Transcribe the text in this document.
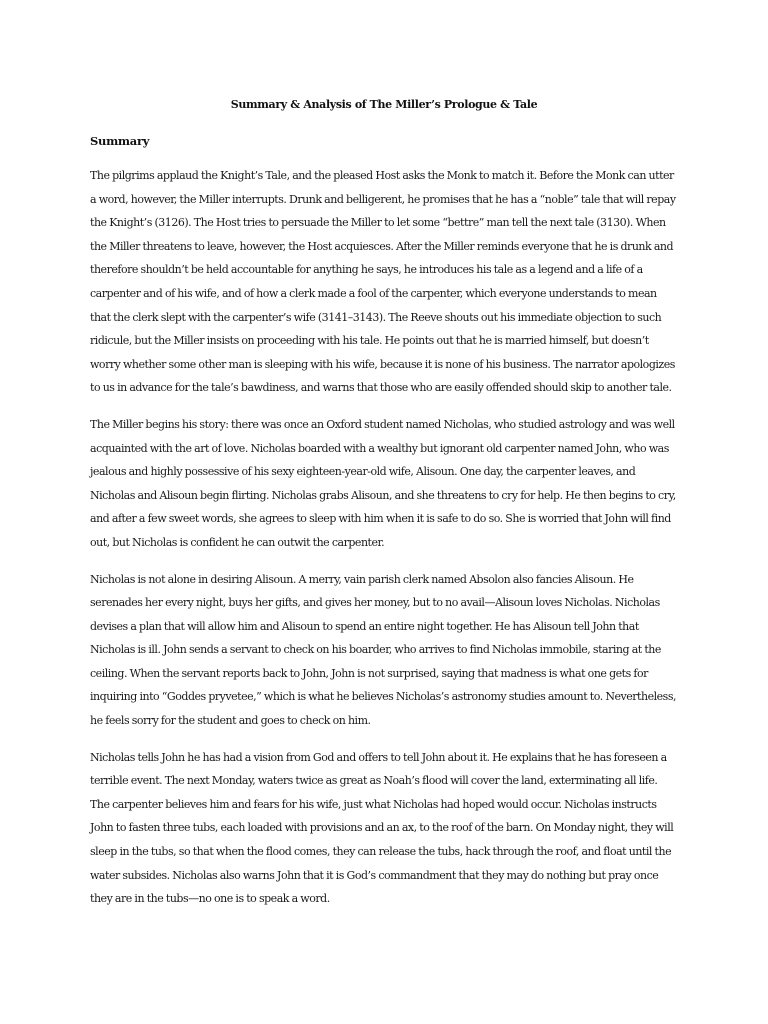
Summary & Analysis of The Miller’s Prologue & Tale
Summary

The pilgrims applaud the Knight’s Tale, and the pleased Host asks the Monk to match it. Before the Monk can utter a word, however, the Miller interrupts. Drunk and belligerent, he promises that he has a “noble” tale that will repay the Knight’s (3126). The Host tries to persuade the Miller to let some “bettre” man tell the next tale (3130). When the Miller threatens to leave, however, the Host acquiesces. After the Miller reminds everyone that he is drunk and therefore shouldn’t be held accountable for anything he says, he introduces his tale as a legend and a life of a carpenter and of his wife, and of how a clerk made a fool of the carpenter, which everyone understands to mean that the clerk slept with the carpenter’s wife (3141–3143). The Reeve shouts out his immediate objection to such ridicule, but the Miller insists on proceeding with his tale. He points out that he is married himself, but doesn’t worry whether some other man is sleeping with his wife, because it is none of his business. The narrator apologizes to us in advance for the tale’s bawdiness, and warns that those who are easily offended should skip to another tale.

The Miller begins his story: there was once an Oxford student named Nicholas, who studied astrology and was well acquainted with the art of love. Nicholas boarded with a wealthy but ignorant old carpenter named John, who was jealous and highly possessive of his sexy eighteen-year-old wife, Alisoun. One day, the carpenter leaves, and Nicholas and Alisoun begin flirting. Nicholas grabs Alisoun, and she threatens to cry for help. He then begins to cry, and after a few sweet words, she agrees to sleep with him when it is safe to do so. She is worried that John will find out, but Nicholas is confident he can outwit the carpenter.

Nicholas is not alone in desiring Alisoun. A merry, vain parish clerk named Absolon also fancies Alisoun. He serenades her every night, buys her gifts, and gives her money, but to no avail—Alisoun loves Nicholas. Nicholas devises a plan that will allow him and Alisoun to spend an entire night together. He has Alisoun tell John that Nicholas is ill. John sends a servant to check on his boarder, who arrives to find Nicholas immobile, staring at the ceiling. When the servant reports back to John, John is not surprised, saying that madness is what one gets for inquiring into “Goddes pryvetee,” which is what he believes Nicholas’s astronomy studies amount to. Nevertheless, he feels sorry for the student and goes to check on him.

Nicholas tells John he has had a vision from God and offers to tell John about it. He explains that he has foreseen a terrible event. The next Monday, waters twice as great as Noah’s flood will cover the land, exterminating all life. The carpenter believes him and fears for his wife, just what Nicholas had hoped would occur. Nicholas instructs John to fasten three tubs, each loaded with provisions and an ax, to the roof of the barn. On Monday night, they will sleep in the tubs, so that when the flood comes, they can release the tubs, hack through the roof, and float until the water subsides. Nicholas also warns John that it is God’s commandment that they may do nothing but pray once they are in the tubs—no one is to speak a word.
